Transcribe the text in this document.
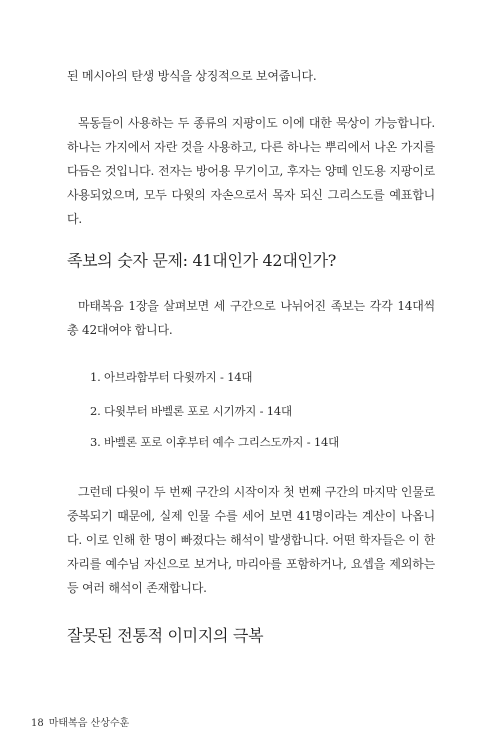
된 메시아의 탄생 방식을 상징적으로 보여줍니다.

목동들이 사용하는 두 종류의 지팡이도 이에 대한 묵상이 가능합니다. 하나는 가지에서 자란 것을 사용하고, 다른 하나는 뿌리에서 나온 가지를 다듬은 것입니다. 전자는 방어용 무기이고, 후자는 양떼 인도용 지팡이로 사용되었으며, 모두 다윗의 자손으로서 목자 되신 그리스도를 예표합니다.

족보의 숫자 문제: 41대인가 42대인가?

마태복음 1장을 살펴보면 세 구간으로 나뉘어진 족보는 각각 14대씩 총 42대여야 합니다.

1. 아브라함부터 다윗까지 - 14대
2. 다윗부터 바벨론 포로 시기까지 - 14대
3. 바벨론 포로 이후부터 예수 그리스도까지 - 14대

그런데 다윗이 두 번째 구간의 시작이자 첫 번째 구간의 마지막 인물로 중복되기 때문에, 실제 인물 수를 세어 보면 41명이라는 계산이 나옵니다. 이로 인해 한 명이 빠졌다는 해석이 발생합니다. 어떤 학자들은 이 한 자리를 예수님 자신으로 보거나, 마리아를 포함하거나, 요셉을 제외하는 등 여러 해석이 존재합니다.

잘못된 전통적 이미지의 극복
18 마태복음 산상수훈
